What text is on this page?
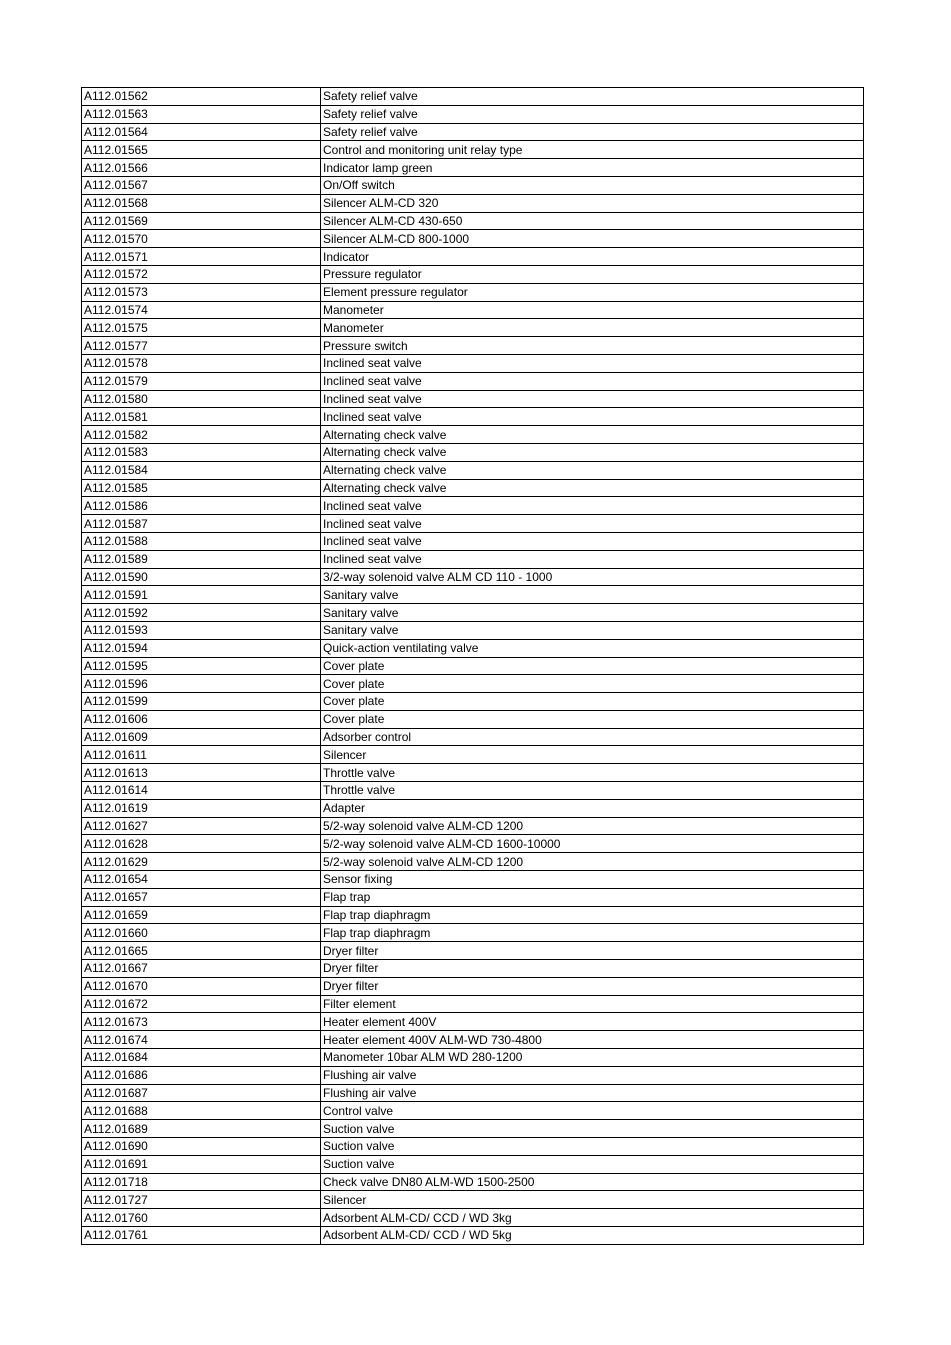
A112.01562	Safety relief valve
A112.01563	Safety relief valve
A112.01564	Safety relief valve
A112.01565	Control and monitoring unit relay type
A112.01566	Indicator lamp green
A112.01567	On/Off switch
A112.01568	Silencer ALM-CD 320
A112.01569	Silencer ALM-CD 430-650
A112.01570	Silencer ALM-CD 800-1000
A112.01571	Indicator
A112.01572	Pressure regulator
A112.01573	Element pressure regulator
A112.01574	Manometer
A112.01575	Manometer
A112.01577	Pressure switch
A112.01578	Inclined seat valve
A112.01579	Inclined seat valve
A112.01580	Inclined seat valve
A112.01581	Inclined seat valve
A112.01582	Alternating check valve
A112.01583	Alternating check valve
A112.01584	Alternating check valve
A112.01585	Alternating check valve
A112.01586	Inclined seat valve
A112.01587	Inclined seat valve
A112.01588	Inclined seat valve
A112.01589	Inclined seat valve
A112.01590	3/2-way solenoid valve ALM CD 110 - 1000
A112.01591	Sanitary valve
A112.01592	Sanitary valve
A112.01593	Sanitary valve
A112.01594	Quick-action ventilating valve
A112.01595	Cover plate
A112.01596	Cover plate
A112.01599	Cover plate
A112.01606	Cover plate
A112.01609	Adsorber control
A112.01611	Silencer
A112.01613	Throttle valve
A112.01614	Throttle valve
A112.01619	Adapter
A112.01627	5/2-way solenoid valve ALM-CD 1200
A112.01628	5/2-way solenoid valve ALM-CD 1600-10000
A112.01629	5/2-way solenoid valve ALM-CD 1200
A112.01654	Sensor fixing
A112.01657	Flap trap
A112.01659	Flap trap diaphragm
A112.01660	Flap trap diaphragm
A112.01665	Dryer filter
A112.01667	Dryer filter
A112.01670	Dryer filter
A112.01672	Filter element
A112.01673	Heater element 400V
A112.01674	Heater element 400V ALM-WD 730-4800
A112.01684	Manometer 10bar ALM WD 280-1200
A112.01686	Flushing air valve
A112.01687	Flushing air valve
A112.01688	Control valve
A112.01689	Suction valve
A112.01690	Suction valve
A112.01691	Suction valve
A112.01718	Check valve DN80 ALM-WD 1500-2500
A112.01727	Silencer
A112.01760	Adsorbent ALM-CD/ CCD / WD 3kg
A112.01761	Adsorbent ALM-CD/ CCD / WD 5kg
